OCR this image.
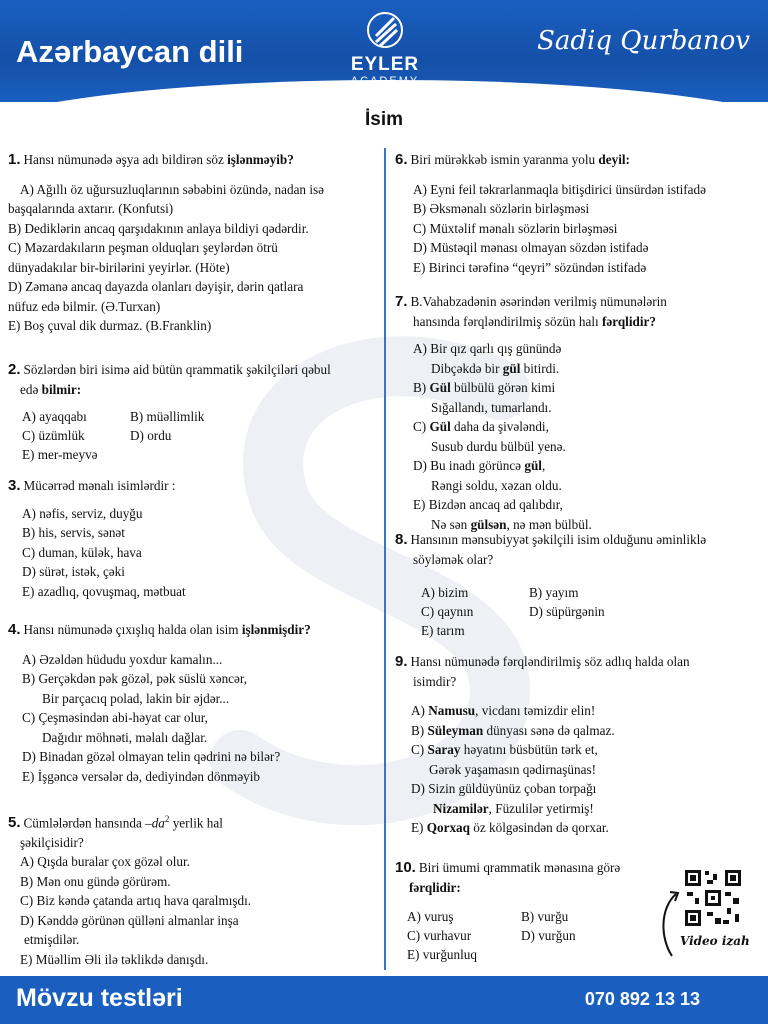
Azərbaycan dili	EYLER
ACADEMY
Sadiq Qurbanov
İsim
1. Hansı nümunədə əşya adı bildirən söz işlənməyib?
A) Ağıllı öz uğursuzluqlarının səbəbini özündə, nadan isə
başqalarında axtarır. (Konfutsi)
B) Dediklərin ancaq qarşıdakının anlaya bildiyi qədərdir.
C) Məzardakıların peşman olduqları şeylərdən ötrü
dünyadakılar bir-birilərini yeyirlər. (Höte)
D) Zəmanə ancaq dayazda olanları dəyişir, dərin qatlara
nüfuz edə bilmir. (Ə.Turxan)
E) Boş çuval dik durmaz. (B.Franklin)
2. Sözlərdən biri isimə aid bütün qrammatik şəkilçiləri qəbul
edə bilmir:
A) ayaqqabı	B) müəllimlik
C) üzümlük	D) ordu
E) mer-meyvə
3. Mücərrəd mənalı isimlərdir :
A) nəfis, serviz, duyğu
B) his, servis, sənət
C) duman, külək, hava
D) sürət, istək, çəki
E) azadlıq, qovuşmaq, mətbuat
4. Hansı nümunədə çıxışlıq halda olan isim işlənmişdir?
A) Əzəldən hüdudu yoxdur kamalın...
B) Gerçəkdən pək gözəl, pək süslü xəncər,
Bir parçacıq polad, lakin bir əjdər...
C) Çeşməsindən abi-həyat car olur,
Dağıdır möhnəti, məlalı dağlar.
D) Binadan gözəl olmayan telin qədrini nə bilər?
E) İşgəncə versələr də, dediyindən dönməyib
5. Cümlələrdən hansında $-da^2$ yerlik hal
şəkilçisidir?
A) Qışda buralar çox gözəl olur.
B) Mən onu gündə görürəm.
C) Biz kəndə çatanda artıq hava qaralmışdı.
D) Kənddə görünən qülləni almanlar inşa
etmişdilər.
E) Müəllim Əli ilə təklikdə danışdı.
6. Biri mürəkkəb ismin yaranma yolu deyil:
A) Eyni feil təkrarlanmaqla bitişdirici ünsürdən istifadə
B) Əksmənalı sözlərin birləşməsi
C) Müxtəlif mənalı sözlərin birləşməsi
D) Müstəqil mənası olmayan sözdən istifadə
E) Birinci tərəfinə “qeyri” sözündən istifadə
7. B.Vahabzadənin əsərindən verilmiş nümunələrin
hansında fərqləndirilmiş sözün halı fərqlidir?
A) Bir qız qarlı qış günündə
Dibçəkdə bir gül bitirdi.
B) Gül bülbülü görən kimi
Sığallandı, tumarlandı.
C) Gül daha da şivələndi,
Susub durdu bülbül yenə.
D) Bu inadı görüncə gül,
Rəngi soldu, xəzan oldu.
E) Bizdən ancaq ad qalıbdır,
Nə sən gülsən, nə mən bülbül.
8. Hansının mənsubiyyət şəkilçili isim olduğunu əminliklə
söyləmək olar?
A) bizim	B) yayım
C) qaynın	D) süpürgənin
E) tarım
9. Hansı nümunədə fərqləndirilmiş söz adlıq halda olan
isimdir?
A) Namusu, vicdanı təmizdir elin!
B) Süleyman dünyası sənə də qalmaz.
C) Saray həyatını büsbütün tərk et,
Gərək yaşamasın qədirnaşünas!
D) Sizin güldüyünüz çoban torpağı
Nizamilər, Füzulilər yetirmiş!
E) Qorxaq öz kölgəsindən də qorxar.
10. Biri ümumi qrammatik mənasına görə
fərqlidir:
A) vuruş	B) vurğu
C) vurhavur	D) vurğun
E) vurğunluq
Video izah
Mövzu testləri	070 892 13 13
